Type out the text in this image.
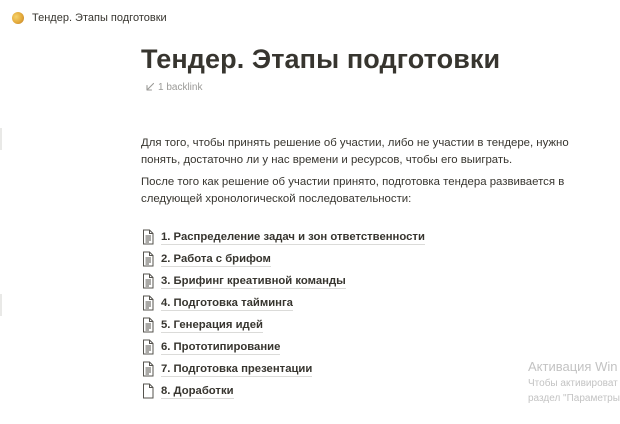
Тендер. Этапы подготовки
Тендер. Этапы подготовки
1 backlink

Для того, чтобы принять решение об участии, либо не участии в тендере, нужно понять, достаточно ли у нас времени и ресурсов, чтобы его выиграть.

После того как решение об участии принято, подготовка тендера развивается в следующей хронологической последовательности:

1. Распределение задач и зон ответственности
2. Работа с брифом
3. Брифинг креативной команды
4. Подготовка тайминга
5. Генерация идей
6. Прототипирование
7. Подготовка презентации
8. Доработки
Активация Win
Чтобы активироват
раздел "Параметры
